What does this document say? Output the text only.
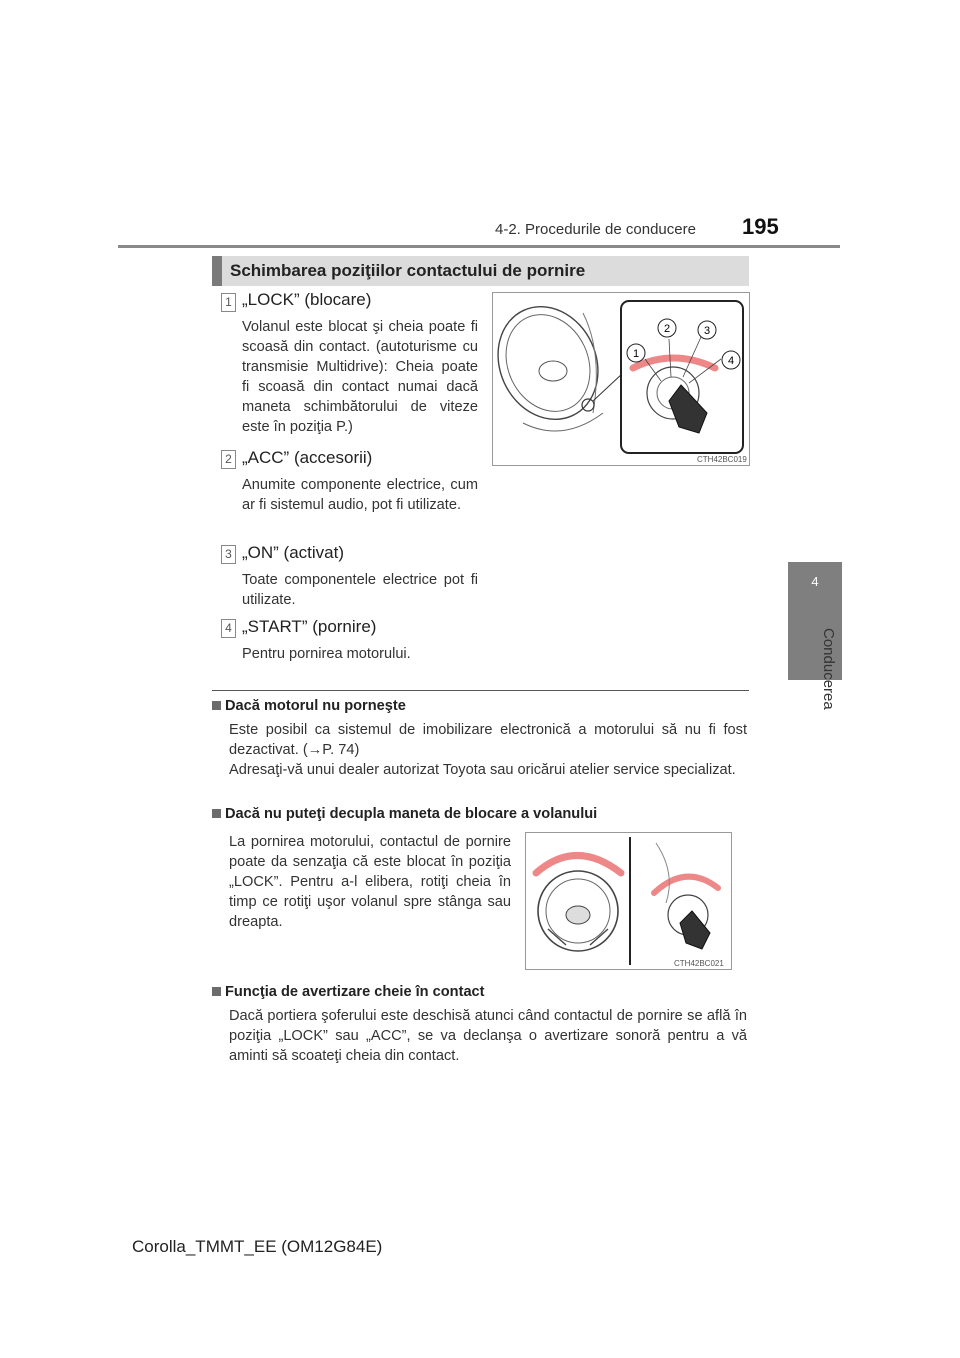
4-2. Procedurile de conducere 195
4
Conducerea
Schimbarea poziţiilor contactului de pornire
1 „LOCK” (blocare)
Volanul este blocat şi cheia poate fi scoasă din contact. (autoturisme cu transmisie Multidrive): Cheia poate fi scoasă din contact numai dacă maneta schimbătorului de viteze este în poziţia P.)
2 „ACC” (accesorii)
Anumite componente electrice, cum ar fi sistemul audio, pot fi utilizate.
3 „ON” (activat)
Toate componentele electrice pot fi utilizate.
4 „START” (pornire)
Pentru pornirea motorului.
1
2	3
4
CTH42BC019
Dacă motorul nu porneşte
Este posibil ca sistemul de imobilizare electronică a motorului să nu fi fost dezactivat. (→P. 74)
Adresaţi-vă unui dealer autorizat Toyota sau oricărui atelier service specializat.
Dacă nu puteţi decupla maneta de blocare a volanului
La pornirea motorului, contactul de pornire poate da senzaţia că este blocat în poziţia „LOCK”. Pentru a-l elibera, rotiţi cheia în timp ce rotiţi uşor volanul spre stânga sau dreapta.
CTH42BC021
Funcţia de avertizare cheie în contact
Dacă portiera şoferului este deschisă atunci când contactul de pornire se află în poziţia „LOCK” sau „ACC”, se va declanşa o avertizare sonoră pentru a vă aminti să scoateţi cheia din contact.
Corolla_TMMT_EE (OM12G84E)
